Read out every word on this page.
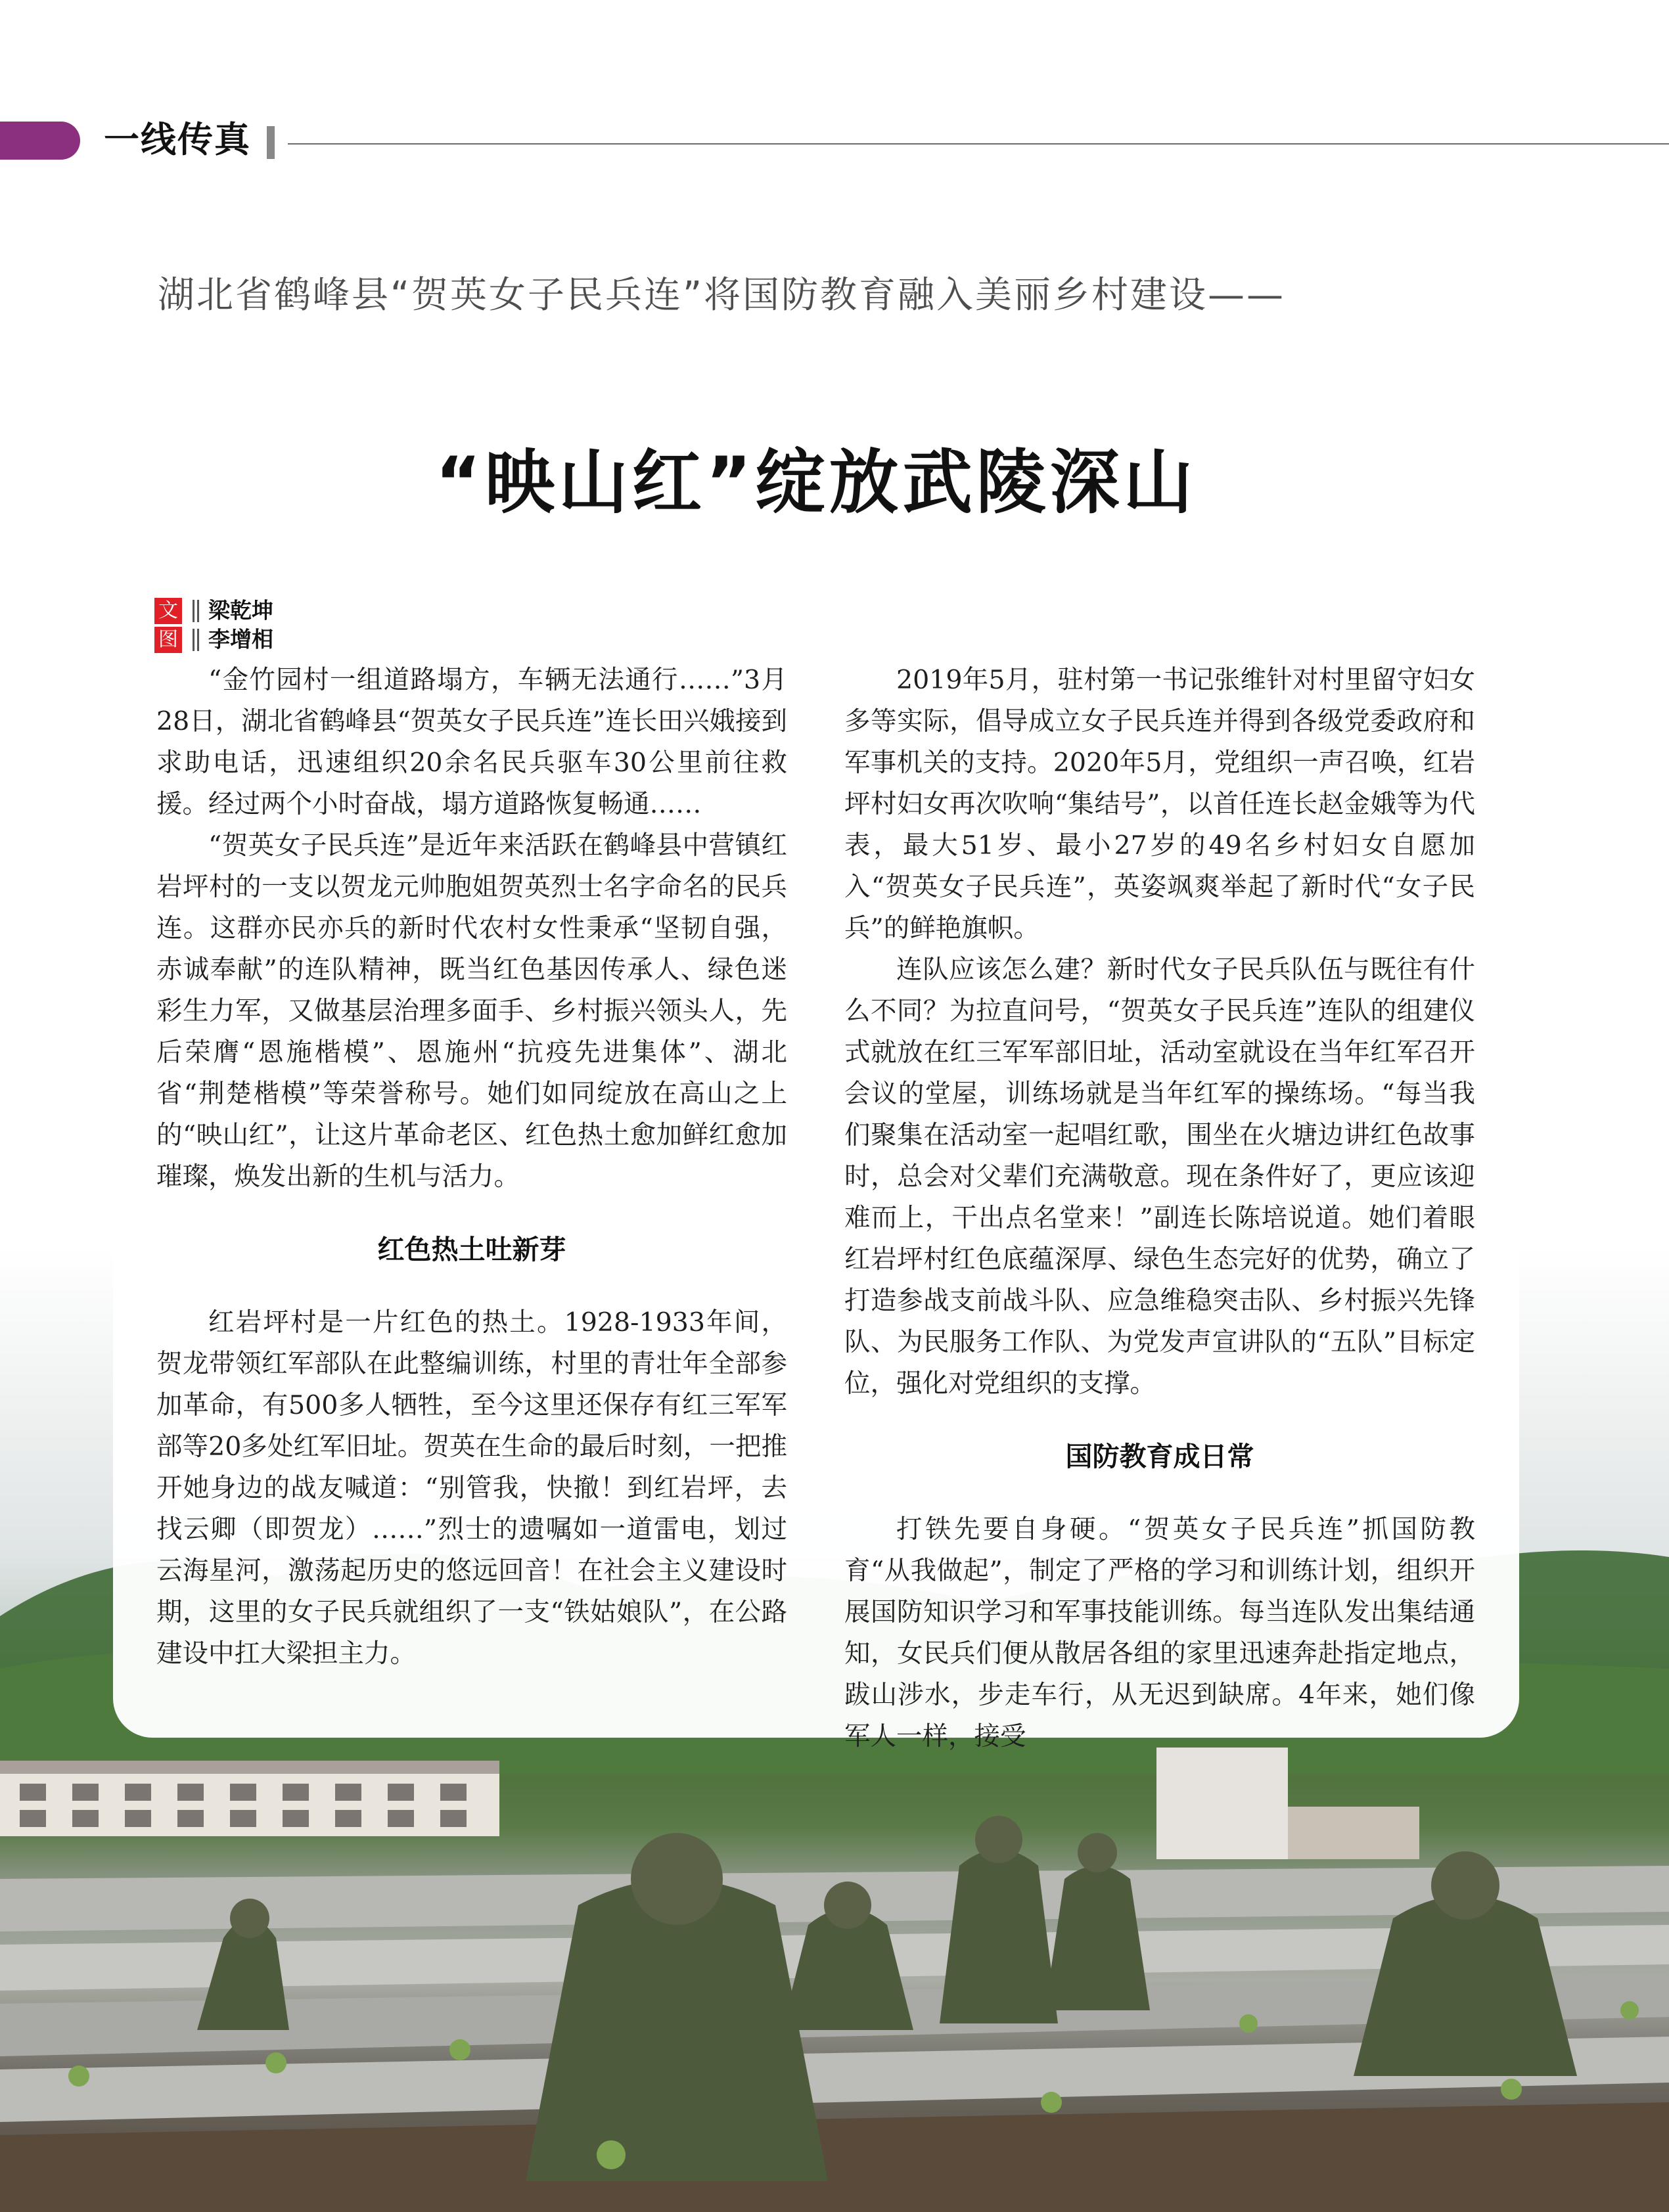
一线传真
湖北省鹤峰县“贺英女子民兵连”将国防教育融入美丽乡村建设——
“映山红”绽放武陵深山
文 梁乾坤
图 李增相

“金竹园村一组道路塌方，车辆无法通行……”3月28日，湖北省鹤峰县“贺英女子民兵连”连长田兴娥接到求助电话，迅速组织20余名民兵驱车30公里前往救援。经过两个小时奋战，塌方道路恢复畅通……

“贺英女子民兵连”是近年来活跃在鹤峰县中营镇红岩坪村的一支以贺龙元帅胞姐贺英烈士名字命名的民兵连。这群亦民亦兵的新时代农村女性秉承“坚韧自强，赤诚奉献”的连队精神，既当红色基因传承人、绿色迷彩生力军，又做基层治理多面手、乡村振兴领头人，先后荣膺“恩施楷模”、恩施州“抗疫先进集体”、湖北省“荆楚楷模”等荣誉称号。她们如同绽放在高山之上的“映山红”，让这片革命老区、红色热土愈加鲜红愈加璀璨，焕发出新的生机与活力。

红色热土吐新芽

红岩坪村是一片红色的热土。1928-1933年间，贺龙带领红军部队在此整编训练，村里的青壮年全部参加革命，有500多人牺牲，至今这里还保存有红三军军部等20多处红军旧址。贺英在生命的最后时刻，一把推开她身边的战友喊道：“别管我，快撤！到红岩坪，去找云卿（即贺龙）……”烈士的遗嘱如一道雷电，划过云海星河，激荡起历史的悠远回音！在社会主义建设时期，这里的女子民兵就组织了一支“铁姑娘队”，在公路建设中扛大梁担主力。

2019年5月，驻村第一书记张维针对村里留守妇女多等实际，倡导成立女子民兵连并得到各级党委政府和军事机关的支持。2020年5月，党组织一声召唤，红岩坪村妇女再次吹响“集结号”，以首任连长赵金娥等为代表，最大51岁、最小27岁的49名乡村妇女自愿加入“贺英女子民兵连”，英姿飒爽举起了新时代“女子民兵”的鲜艳旗帜。

连队应该怎么建？新时代女子民兵队伍与既往有什么不同？为拉直问号，“贺英女子民兵连”连队的组建仪式就放在红三军军部旧址，活动室就设在当年红军召开会议的堂屋，训练场就是当年红军的操练场。“每当我们聚集在活动室一起唱红歌，围坐在火塘边讲红色故事时，总会对父辈们充满敬意。现在条件好了，更应该迎难而上，干出点名堂来！”副连长陈培说道。她们着眼红岩坪村红色底蕴深厚、绿色生态完好的优势，确立了打造参战支前战斗队、应急维稳突击队、乡村振兴先锋队、为民服务工作队、为党发声宣讲队的“五队”目标定位，强化对党组织的支撑。

国防教育成日常

打铁先要自身硬。“贺英女子民兵连”抓国防教育“从我做起”，制定了严格的学习和训练计划，组织开展国防知识学习和军事技能训练。每当连队发出集结通知，女民兵们便从散居各组的家里迅速奔赴指定地点，跋山涉水，步走车行，从无迟到缺席。4年来，她们像军人一样，接受
